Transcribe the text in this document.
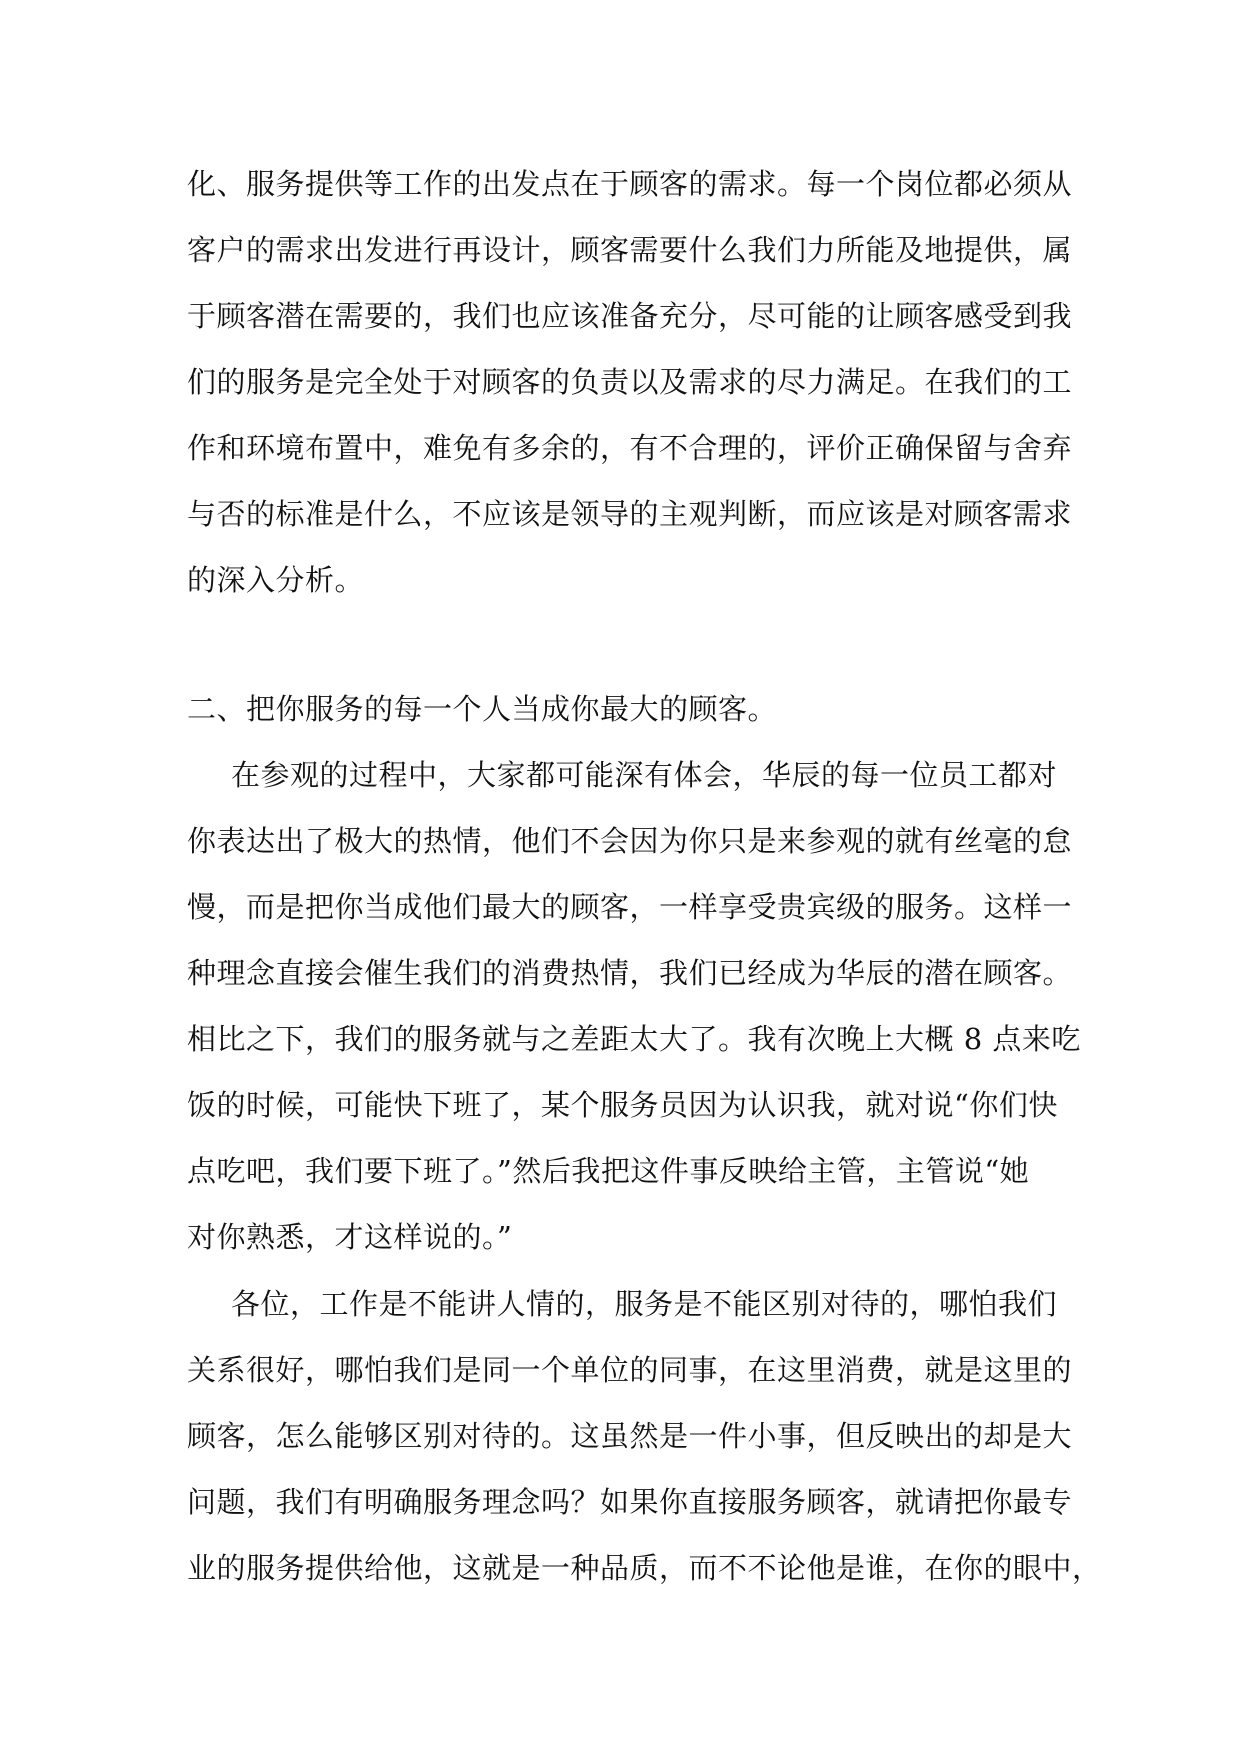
化、服务提供等工作的出发点在于顾客的需求。每一个岗位都必须从
客户的需求出发进行再设计，顾客需要什么我们力所能及地提供，属
于顾客潜在需要的，我们也应该准备充分，尽可能的让顾客感受到我
们的服务是完全处于对顾客的负责以及需求的尽力满足。在我们的工
作和环境布置中，难免有多余的，有不合理的，评价正确保留与舍弃
与否的标准是什么，不应该是领导的主观判断，而应该是对顾客需求
的深入分析。
二、把你服务的每一个人当成你最大的顾客。
在参观的过程中，大家都可能深有体会，华辰的每一位员工都对
你表达出了极大的热情，他们不会因为你只是来参观的就有丝毫的怠
慢，而是把你当成他们最大的顾客，一样享受贵宾级的服务。这样一
种理念直接会催生我们的消费热情，我们已经成为华辰的潜在顾客。
相比之下，我们的服务就与之差距太大了。我有次晚上大概 8 点来吃
饭的时候，可能快下班了，某个服务员因为认识我，就对说“你们快
点吃吧，我们要下班了。”然后我把这件事反映给主管，主管说“她
对你熟悉，才这样说的。”
各位，工作是不能讲人情的，服务是不能区别对待的，哪怕我们
关系很好，哪怕我们是同一个单位的同事，在这里消费，就是这里的
顾客，怎么能够区别对待的。这虽然是一件小事，但反映出的却是大
问题，我们有明确服务理念吗？如果你直接服务顾客，就请把你最专
业的服务提供给他，这就是一种品质，而不不论他是谁，在你的眼中，
